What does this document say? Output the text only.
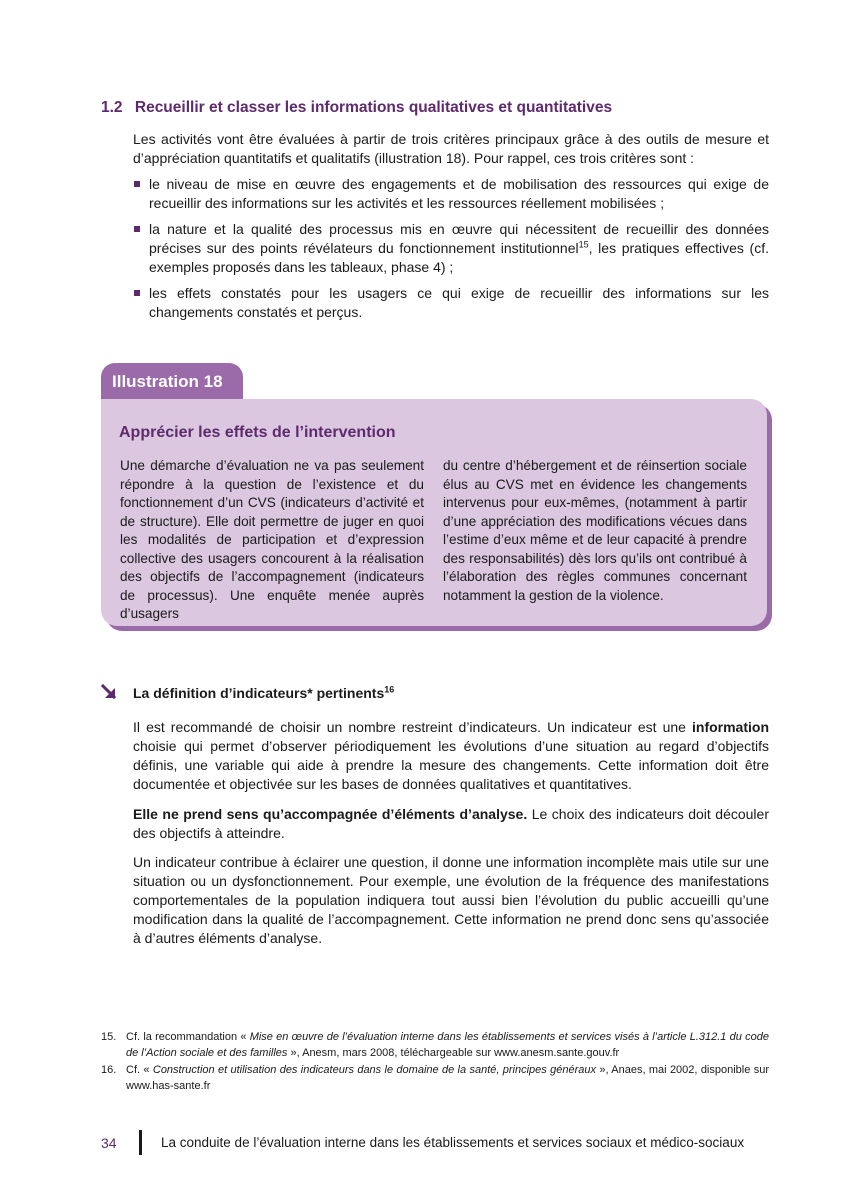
1.2 Recueillir et classer les informations qualitatives et quantitatives

Les activités vont être évaluées à partir de trois critères principaux grâce à des outils de mesure et d’appréciation quantitatifs et qualitatifs (illustration 18). Pour rappel, ces trois critères sont :

le niveau de mise en œuvre des engagements et de mobilisation des ressources qui exige de recueillir des informations sur les activités et les ressources réellement mobilisées ;
la nature et la qualité des processus mis en œuvre qui nécessitent de recueillir des données précises sur des points révélateurs du fonctionnement institutionnel$^{15}$, les pratiques effectives (cf. exemples proposés dans les tableaux, phase 4) ;
les effets constatés pour les usagers ce qui exige de recueillir des informations sur les changements constatés et perçus.
Illustration 18
Apprécier les effets de l’intervention

Une démarche d’évaluation ne va pas seulement répondre à la question de l’existence et du fonctionnement d’un CVS (indicateurs d’activité et de structure). Elle doit permettre de juger en quoi les modalités de participation et d’expression collective des usagers concourent à la réalisation des objectifs de l’accompagnement (indicateurs de processus). Une enquête menée auprès d’usagers

du centre d’hébergement et de réinsertion sociale élus au CVS met en évidence les changements intervenus pour eux-mêmes, (notamment à partir d’une appréciation des modifications vécues dans l’estime d’eux même et de leur capacité à prendre des responsabilités) dès lors qu’ils ont contribué à l’élaboration des règles communes concernant notamment la gestion de la violence.

La définition d’indicateurs* pertinents$^{16}$

Il est recommandé de choisir un nombre restreint d’indicateurs. Un indicateur est une information choisie qui permet d’observer périodiquement les évolutions d’une situation au regard d’objectifs définis, une variable qui aide à prendre la mesure des changements. Cette information doit être documentée et objectivée sur les bases de données qualitatives et quantitatives.

Elle ne prend sens qu’accompagnée d’éléments d’analyse. Le choix des indicateurs doit découler des objectifs à atteindre.

Un indicateur contribue à éclairer une question, il donne une information incomplète mais utile sur une situation ou un dysfonctionnement. Pour exemple, une évolution de la fréquence des manifestations comportementales de la population indiquera tout aussi bien l’évolution du public accueilli qu’une modification dans la qualité de l’accompagnement. Cette information ne prend donc sens qu’associée à d’autres éléments d’analyse.

15. Cf. la recommandation « Mise en œuvre de l’évaluation interne dans les établissements et services visés à l’article L.312.1 du code de l’Action sociale et des familles », Anesm, mars 2008, téléchargeable sur www.anesm.sante.gouv.fr

16. Cf. « Construction et utilisation des indicateurs dans le domaine de la santé, principes généraux », Anaes, mai 2002, disponible sur www.has-sante.fr

34	La conduite de l’évaluation interne dans les établissements et services sociaux et médico-sociaux
